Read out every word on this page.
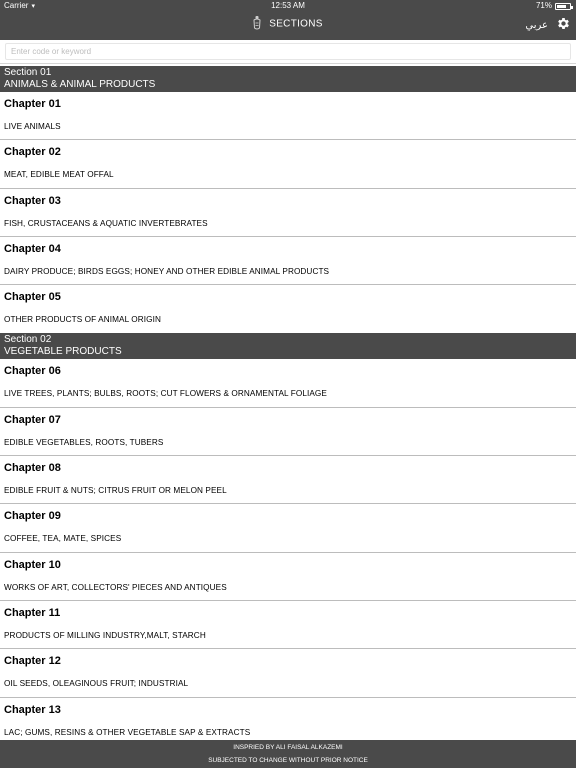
Carrier ▾	12:53 AM	71%
SECTIONS	عربي
Enter code or keyword
Section 01
ANIMALS & ANIMAL PRODUCTS
Chapter 01
LIVE ANIMALS
Chapter 02
MEAT, EDIBLE MEAT OFFAL
Chapter 03
FISH, CRUSTACEANS & AQUATIC INVERTEBRATES
Chapter 04
DAIRY PRODUCE; BIRDS EGGS; HONEY AND OTHER EDIBLE ANIMAL PRODUCTS
Chapter 05
OTHER PRODUCTS OF ANIMAL ORIGIN
Section 02
VEGETABLE PRODUCTS
Chapter 06
LIVE TREES, PLANTS; BULBS, ROOTS; CUT FLOWERS & ORNAMENTAL FOLIAGE
Chapter 07
EDIBLE VEGETABLES, ROOTS, TUBERS
Chapter 08
EDIBLE FRUIT & NUTS; CITRUS FRUIT OR MELON PEEL
Chapter 09
COFFEE, TEA, MATE, SPICES
Chapter 10
WORKS OF ART, COLLECTORS' PIECES AND ANTIQUES
Chapter 11
PRODUCTS OF MILLING INDUSTRY,MALT, STARCH
Chapter 12
OIL SEEDS, OLEAGINOUS FRUIT; INDUSTRIAL
Chapter 13
LAC; GUMS, RESINS & OTHER VEGETABLE SAP & EXTRACTS
INSPRIED BY ALI FAISAL ALKAZEMI
SUBJECTED TO CHANGE WITHOUT PRIOR NOTICE
